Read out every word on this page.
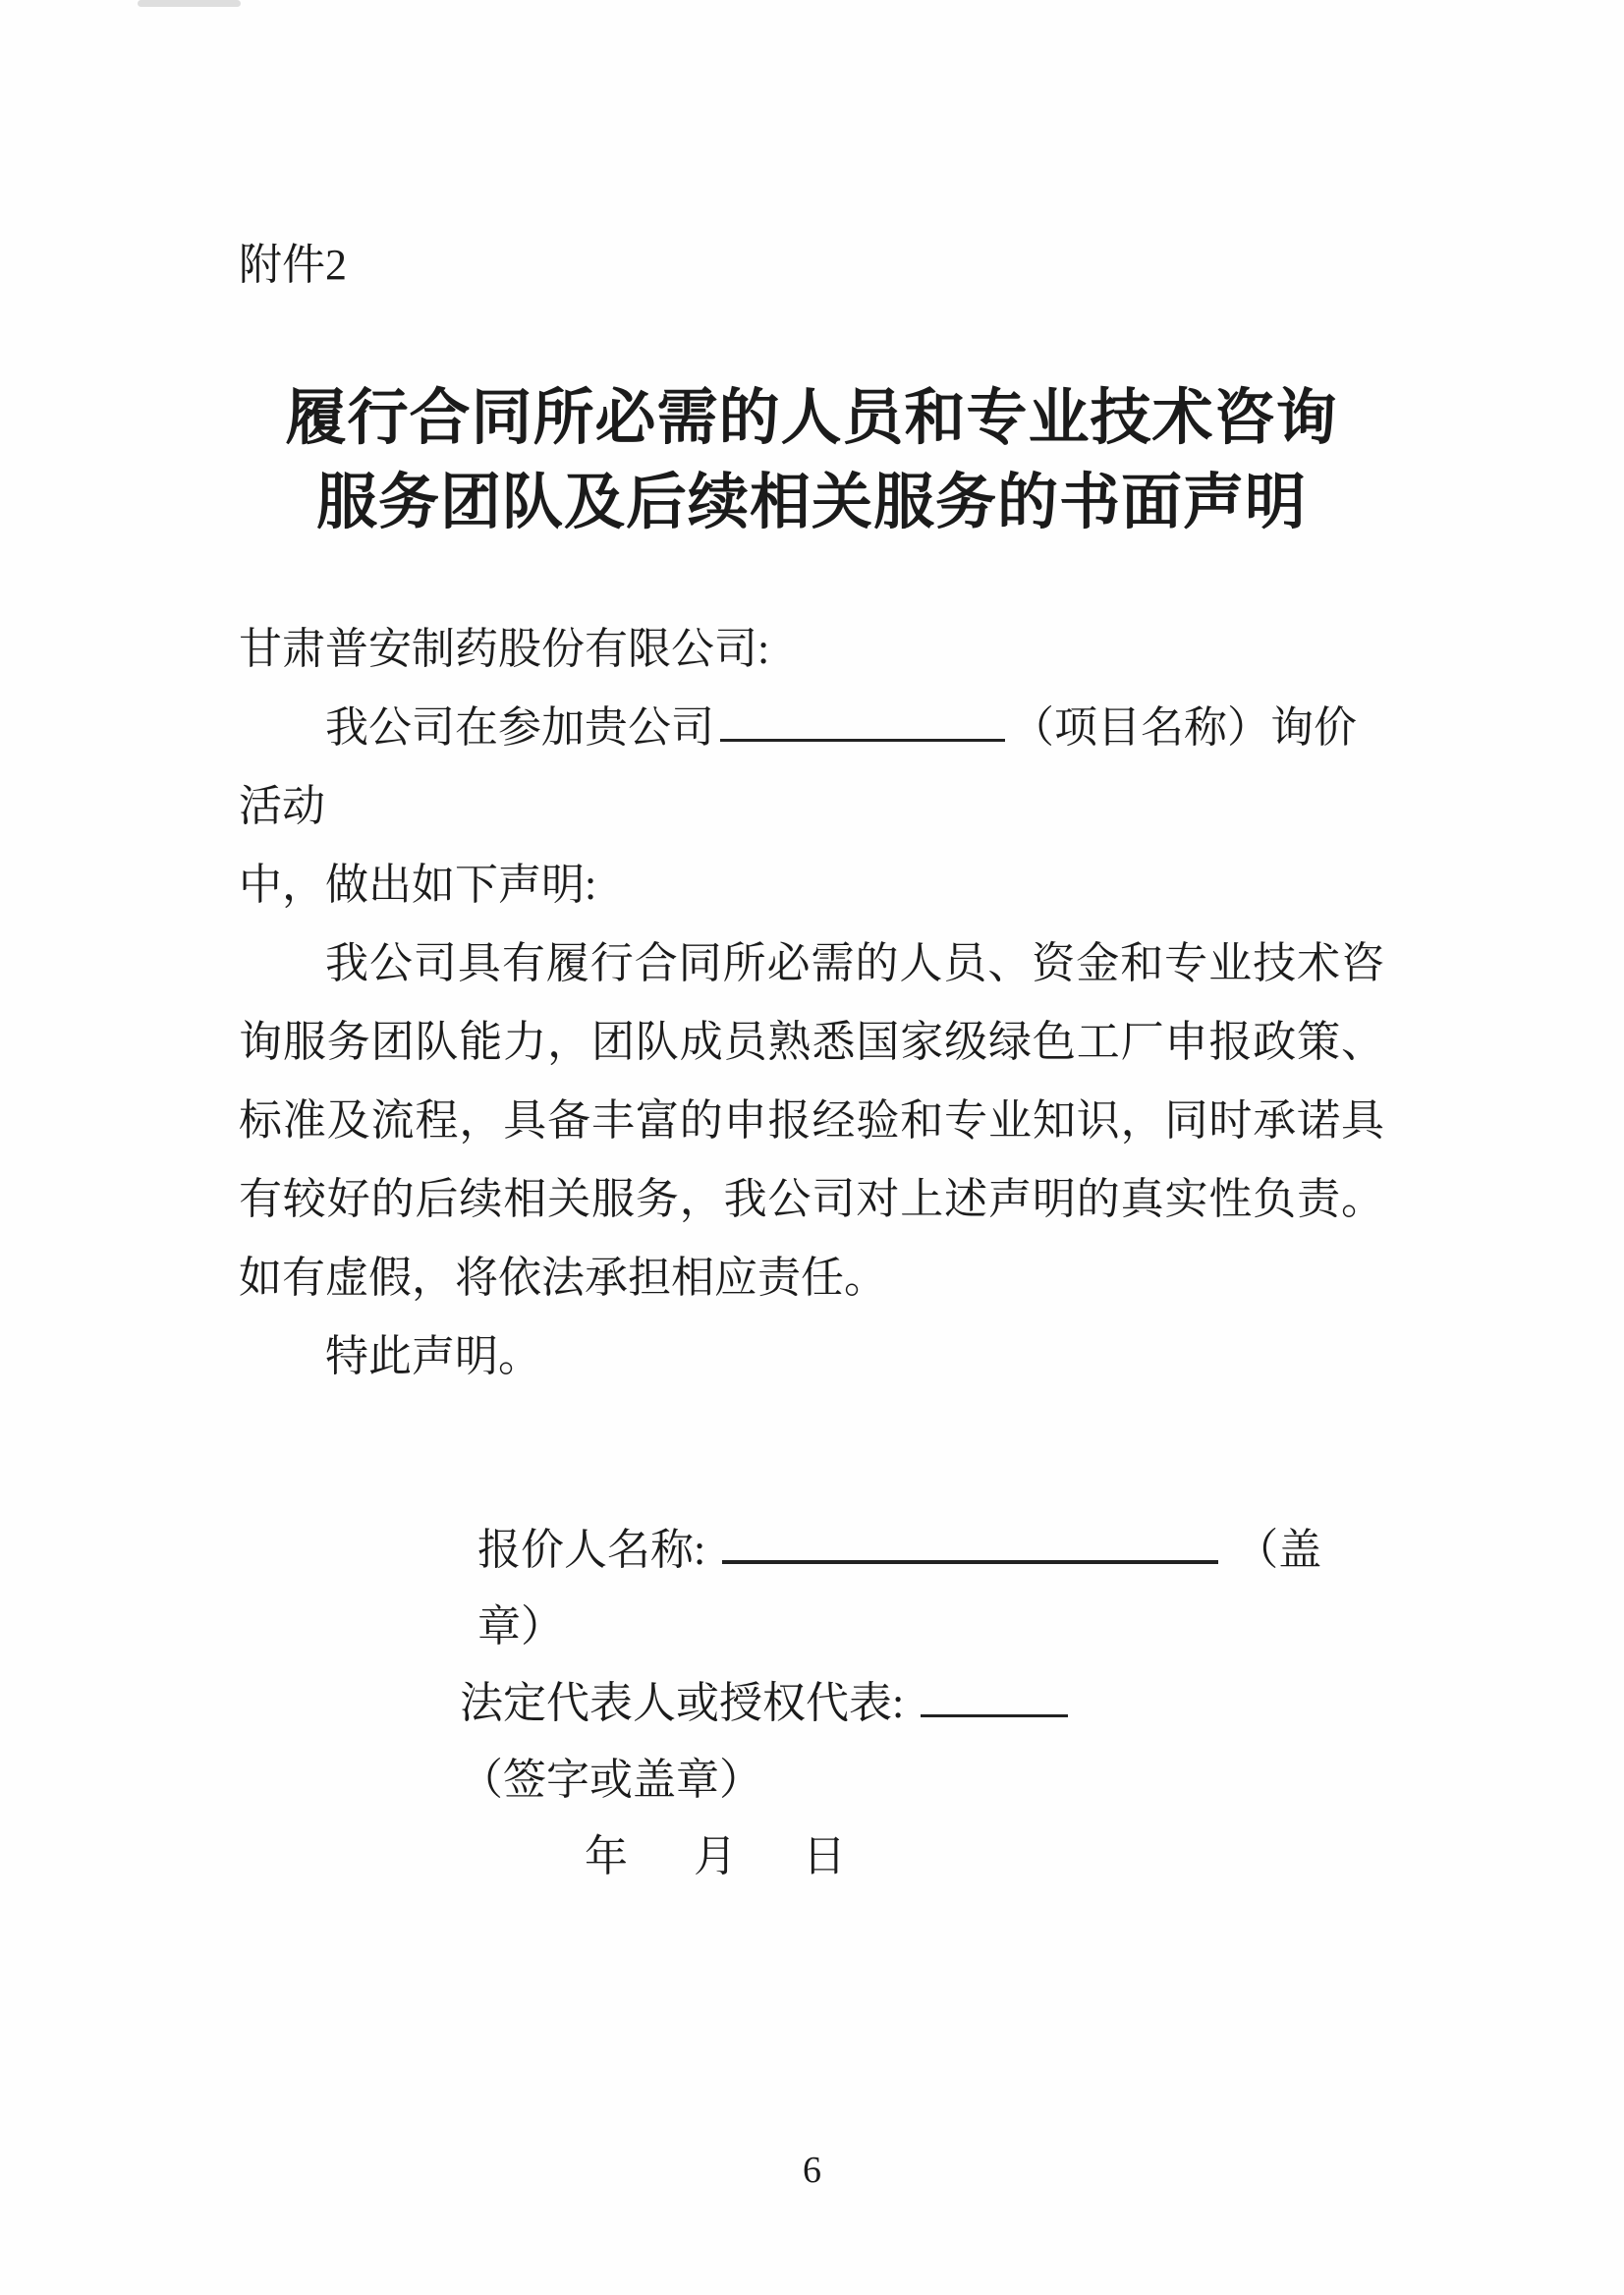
附件2
履行合同所必需的人员和专业技术咨询
服务团队及后续相关服务的书面声明
甘肃普安制药股份有限公司:
我公司在参加贵公司	（项目名称）询价活动
中，做出如下声明:
我公司具有履行合同所必需的人员、资金和专业技术咨
询服务团队能力，团队成员熟悉国家级绿色工厂申报政策、
标准及流程，具备丰富的申报经验和专业知识，同时承诺具
有较好的后续相关服务，我公司对上述声明的真实性负责。
如有虚假，将依法承担相应责任。
特此声明。
报价人名称:	（盖章）
法定代表人或授权代表:  （签字或盖章）
年 月 日
6
